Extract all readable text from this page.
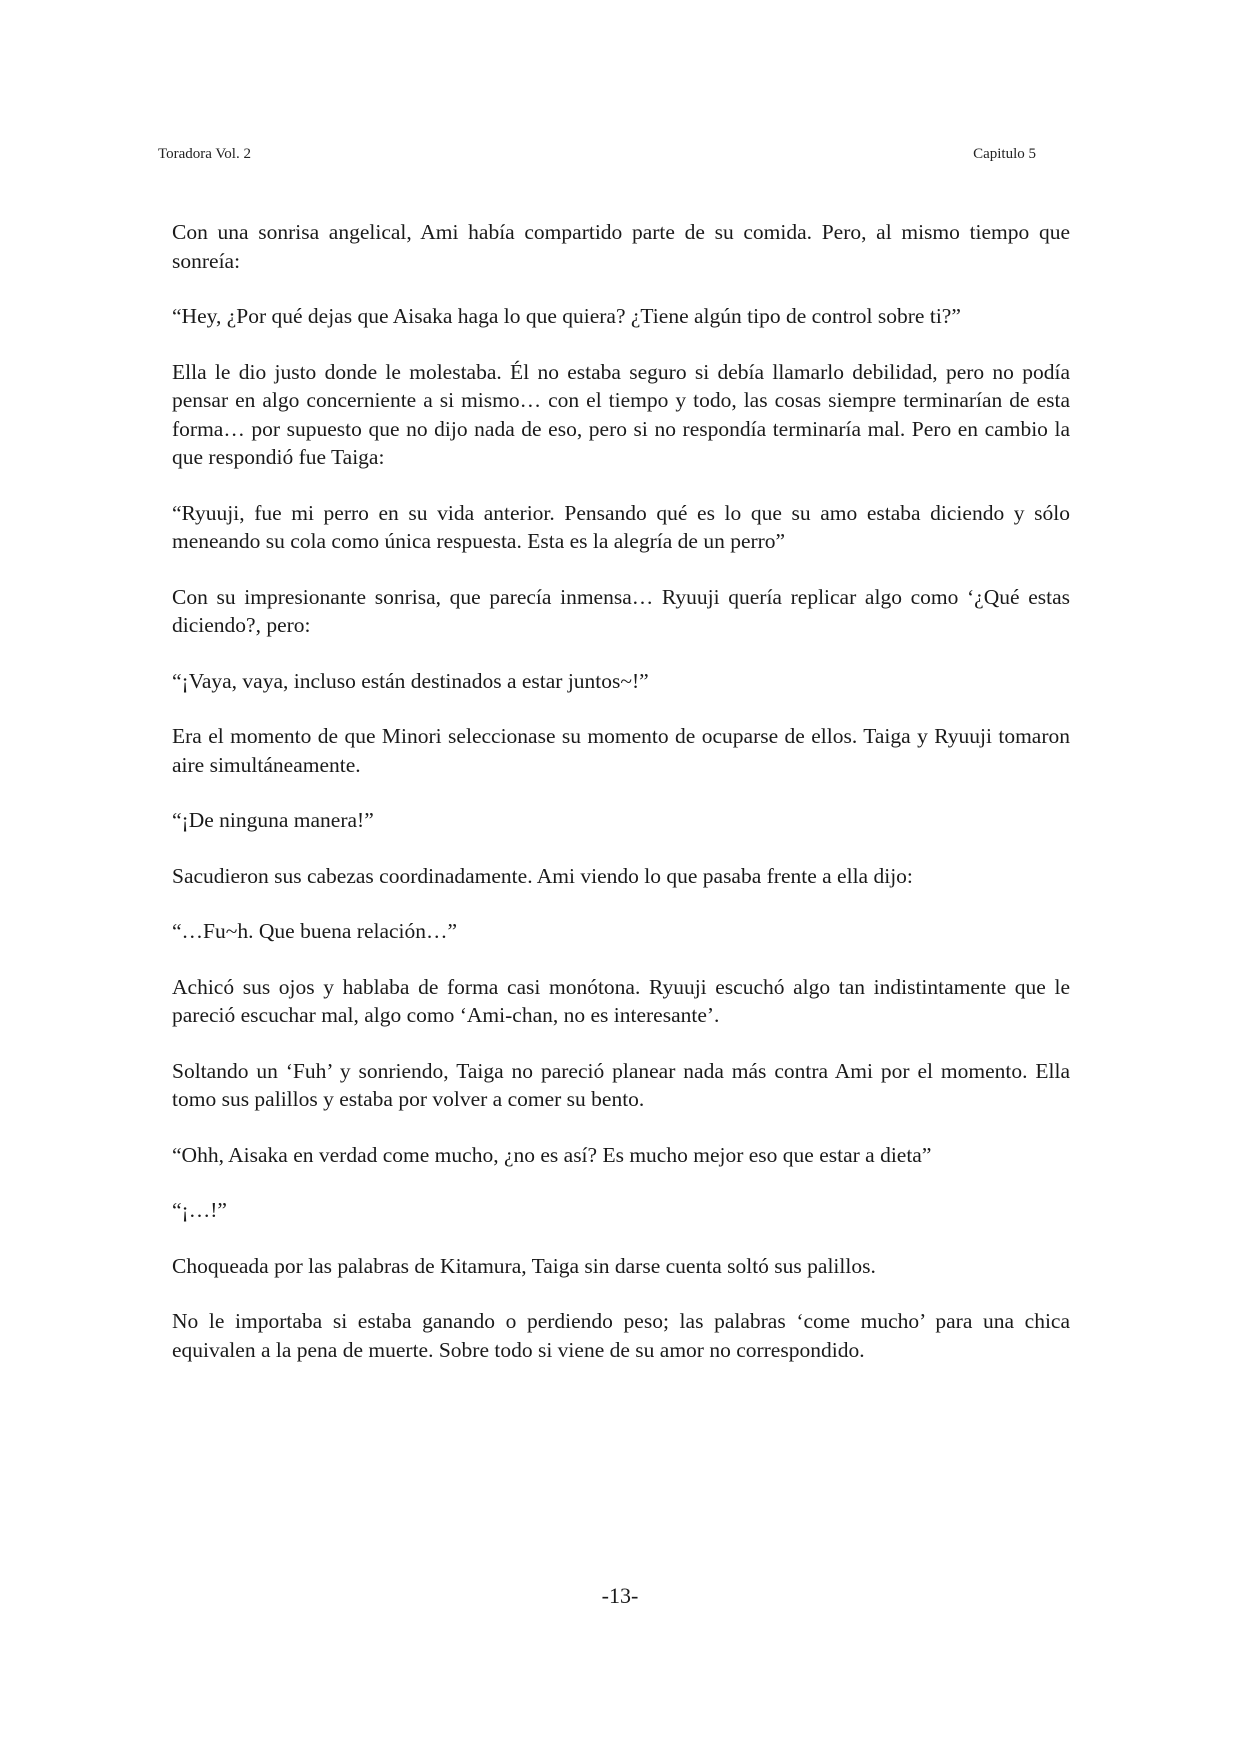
Toradora Vol. 2	Capitulo 5

Con una sonrisa angelical, Ami había compartido parte de su comida. Pero, al mismo tiempo que sonreía:

“Hey, ¿Por qué dejas que Aisaka haga lo que quiera? ¿Tiene algún tipo de control sobre ti?”

Ella le dio justo donde le molestaba. Él no estaba seguro si debía llamarlo debilidad, pero no podía pensar en algo concerniente a si mismo… con el tiempo y todo, las cosas siempre terminarían de esta forma… por supuesto que no dijo nada de eso, pero si no respondía terminaría mal. Pero en cambio la que respondió fue Taiga:

“Ryuuji, fue mi perro en su vida anterior. Pensando qué es lo que su amo estaba diciendo y sólo meneando su cola como única respuesta. Esta es la alegría de un perro”

Con su impresionante sonrisa, que parecía inmensa… Ryuuji quería replicar algo como ‘¿Qué estas diciendo?, pero:

“¡Vaya, vaya, incluso están destinados a estar juntos~!”

Era el momento de que Minori seleccionase su momento de ocuparse de ellos. Taiga y Ryuuji tomaron aire simultáneamente.

“¡De ninguna manera!”

Sacudieron sus cabezas coordinadamente. Ami viendo lo que pasaba frente a ella dijo:

“…Fu~h. Que buena relación…”

Achicó sus ojos y hablaba de forma casi monótona. Ryuuji escuchó algo tan indistintamente que le pareció escuchar mal, algo como ‘Ami-chan, no es interesante’.

Soltando un ‘Fuh’ y sonriendo, Taiga no pareció planear nada más contra Ami por el momento. Ella tomo sus palillos y estaba por volver a comer su bento.

“Ohh, Aisaka en verdad come mucho, ¿no es así? Es mucho mejor eso que estar a dieta”

“¡…!”

Choqueada por las palabras de Kitamura, Taiga sin darse cuenta soltó sus palillos.

No le importaba si estaba ganando o perdiendo peso; las palabras ‘come mucho’ para una chica equivalen a la pena de muerte. Sobre todo si viene de su amor no correspondido.

-13-
